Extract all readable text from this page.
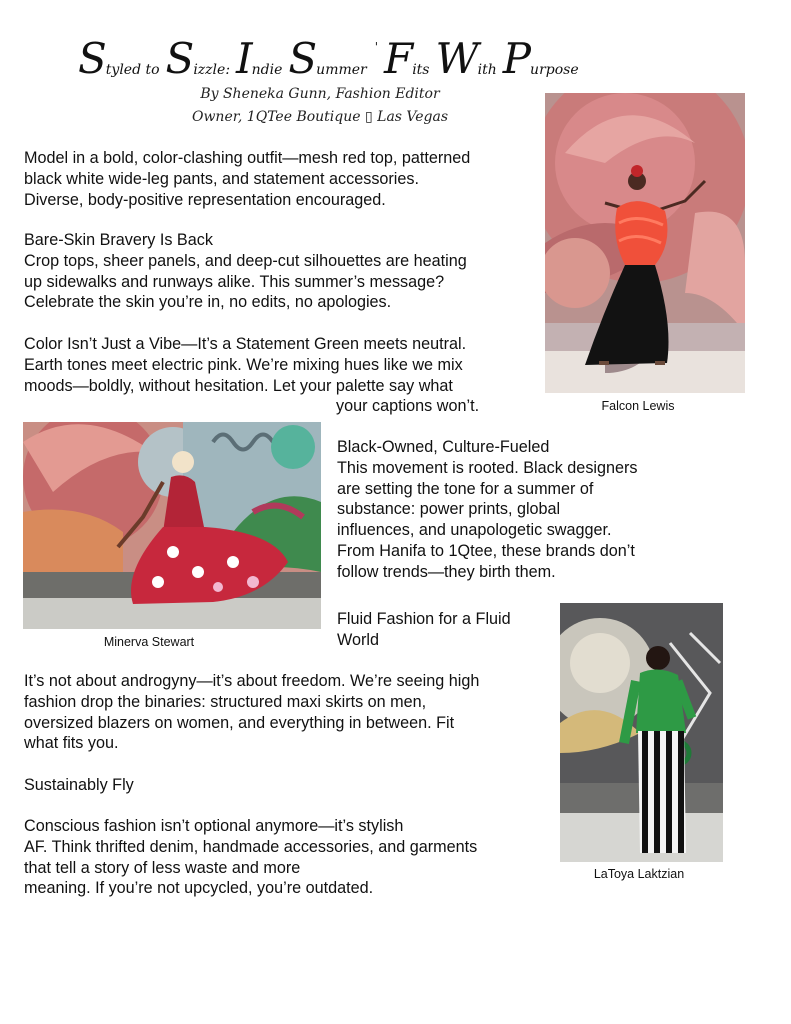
S tyled to S izzle: I ndie S ummer
' F its W ith P urpose
By Sheneka Gunn, Fashion Editor
Owner, 1QTee Boutique ▯ Las Vegas

Model in a bold, color-clashing outfit—mesh red top, patterned
black white wide-leg pants, and statement accessories.
Diverse, body-positive representation encouraged.

Bare-Skin Bravery Is Back
Crop tops, sheer panels, and deep-cut silhouettes are heating
up sidewalks and runways alike. This summer’s message?
Celebrate the skin you’re in, no edits, no apologies.

Color Isn’t Just a Vibe—It’s a Statement Green meets neutral.
Earth tones meet electric pink. We’re mixing hues like we mix
moods—boldly, without hesitation. Let your palette say what

your captions won’t.

Black-Owned, Culture-Fueled
This movement is rooted. Black designers
are setting the tone for a summer of
substance: power prints, global
influences, and unapologetic swagger.
From Hanifa to 1Qtee, these brands don’t
follow trends—they birth them.

Fluid Fashion for a Fluid
World

It’s not about androgyny—it’s about freedom. We’re seeing high
fashion drop the binaries: structured maxi skirts on men,
oversized blazers on women, and everything in between. Fit
what fits you.

Sustainably Fly

Conscious fashion isn’t optional anymore—it’s stylish
AF. Think thrifted denim, handmade accessories, and garments
that tell a story of less waste and more
meaning. If you’re not upcycled, you’re outdated.

Falcon Lewis
Minerva Stewart
LaToya Laktzian
